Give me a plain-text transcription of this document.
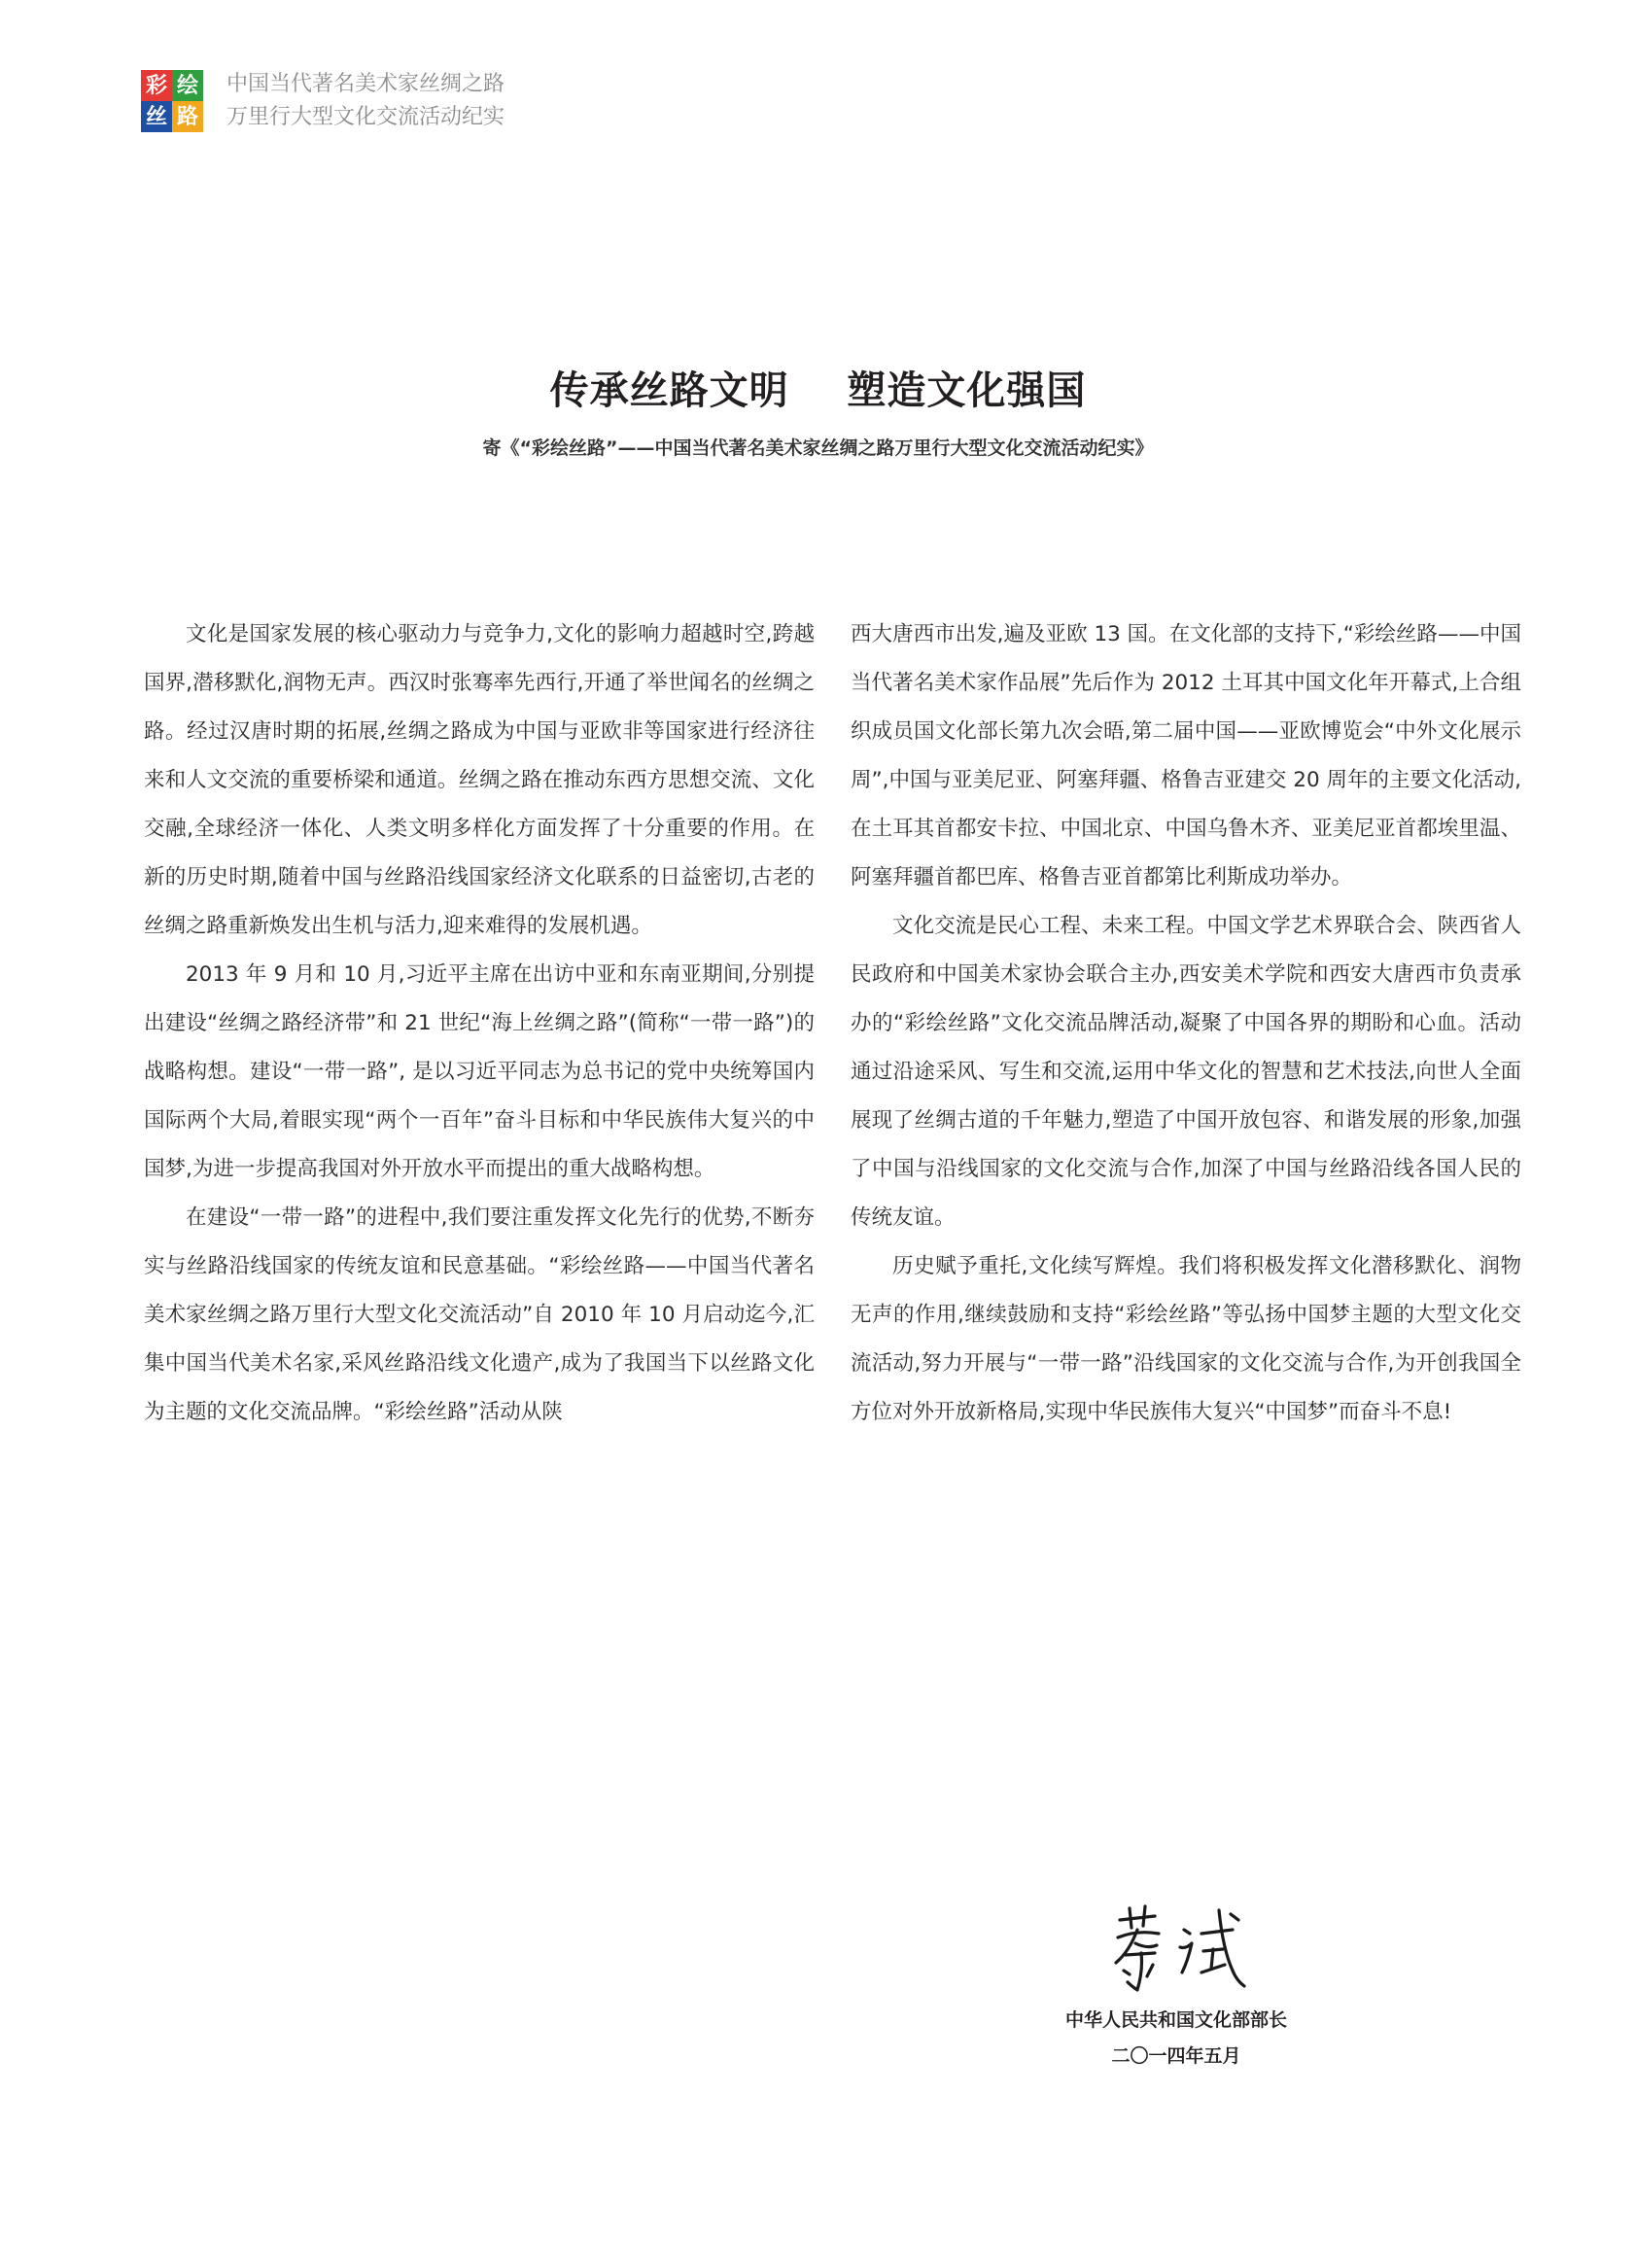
彩 绘
丝 路
中国当代著名美术家丝绸之路
万里行大型文化交流活动纪实
传承丝路文明    塑造文化强国
寄《“彩绘丝路”——中国当代著名美术家丝绸之路万里行大型文化交流活动纪实》

文化是国家发展的核心驱动力与竞争力,文化的影响力超越时空,跨越国界,潜移默化,润物无声。西汉时张骞率先西行,开通了举世闻名的丝绸之路。经过汉唐时期的拓展,丝绸之路成为中国与亚欧非等国家进行经济往来和人文交流的重要桥梁和通道。丝绸之路在推动东西方思想交流、文化交融,全球经济一体化、人类文明多样化方面发挥了十分重要的作用。在新的历史时期,随着中国与丝路沿线国家经济文化联系的日益密切,古老的丝绸之路重新焕发出生机与活力,迎来难得的发展机遇。

2013 年 9 月和 10 月,习近平主席在出访中亚和东南亚期间,分别提出建设“丝绸之路经济带”和 21 世纪“海上丝绸之路”(简称“一带一路”)的战略构想。建设“一带一路”, 是以习近平同志为总书记的党中央统筹国内国际两个大局,着眼实现“两个一百年”奋斗目标和中华民族伟大复兴的中国梦,为进一步提高我国对外开放水平而提出的重大战略构想。

在建设“一带一路”的进程中,我们要注重发挥文化先行的优势,不断夯实与丝路沿线国家的传统友谊和民意基础。“彩绘丝路——中国当代著名美术家丝绸之路万里行大型文化交流活动”自 2010 年 10 月启动迄今,汇集中国当代美术名家,采风丝路沿线文化遗产,成为了我国当下以丝路文化为主题的文化交流品牌。“彩绘丝路”活动从陕

西大唐西市出发,遍及亚欧 13 国。在文化部的支持下,“彩绘丝路——中国当代著名美术家作品展”先后作为 2012 土耳其中国文化年开幕式,上合组织成员国文化部长第九次会晤,第二届中国——亚欧博览会“中外文化展示周”,中国与亚美尼亚、阿塞拜疆、格鲁吉亚建交 20 周年的主要文化活动,在土耳其首都安卡拉、中国北京、中国乌鲁木齐、亚美尼亚首都埃里温、阿塞拜疆首都巴库、格鲁吉亚首都第比利斯成功举办。

文化交流是民心工程、未来工程。中国文学艺术界联合会、陕西省人民政府和中国美术家协会联合主办,西安美术学院和西安大唐西市负责承办的“彩绘丝路”文化交流品牌活动,凝聚了中国各界的期盼和心血。活动通过沿途采风、写生和交流,运用中华文化的智慧和艺术技法,向世人全面展现了丝绸古道的千年魅力,塑造了中国开放包容、和谐发展的形象,加强了中国与沿线国家的文化交流与合作,加深了中国与丝路沿线各国人民的传统友谊。

历史赋予重托,文化续写辉煌。我们将积极发挥文化潜移默化、润物无声的作用,继续鼓励和支持“彩绘丝路”等弘扬中国梦主题的大型文化交流活动,努力开展与“一带一路”沿线国家的文化交流与合作,为开创我国全方位对外开放新格局,实现中华民族伟大复兴“中国梦”而奋斗不息!

中华人民共和国文化部部长
二〇一四年五月
